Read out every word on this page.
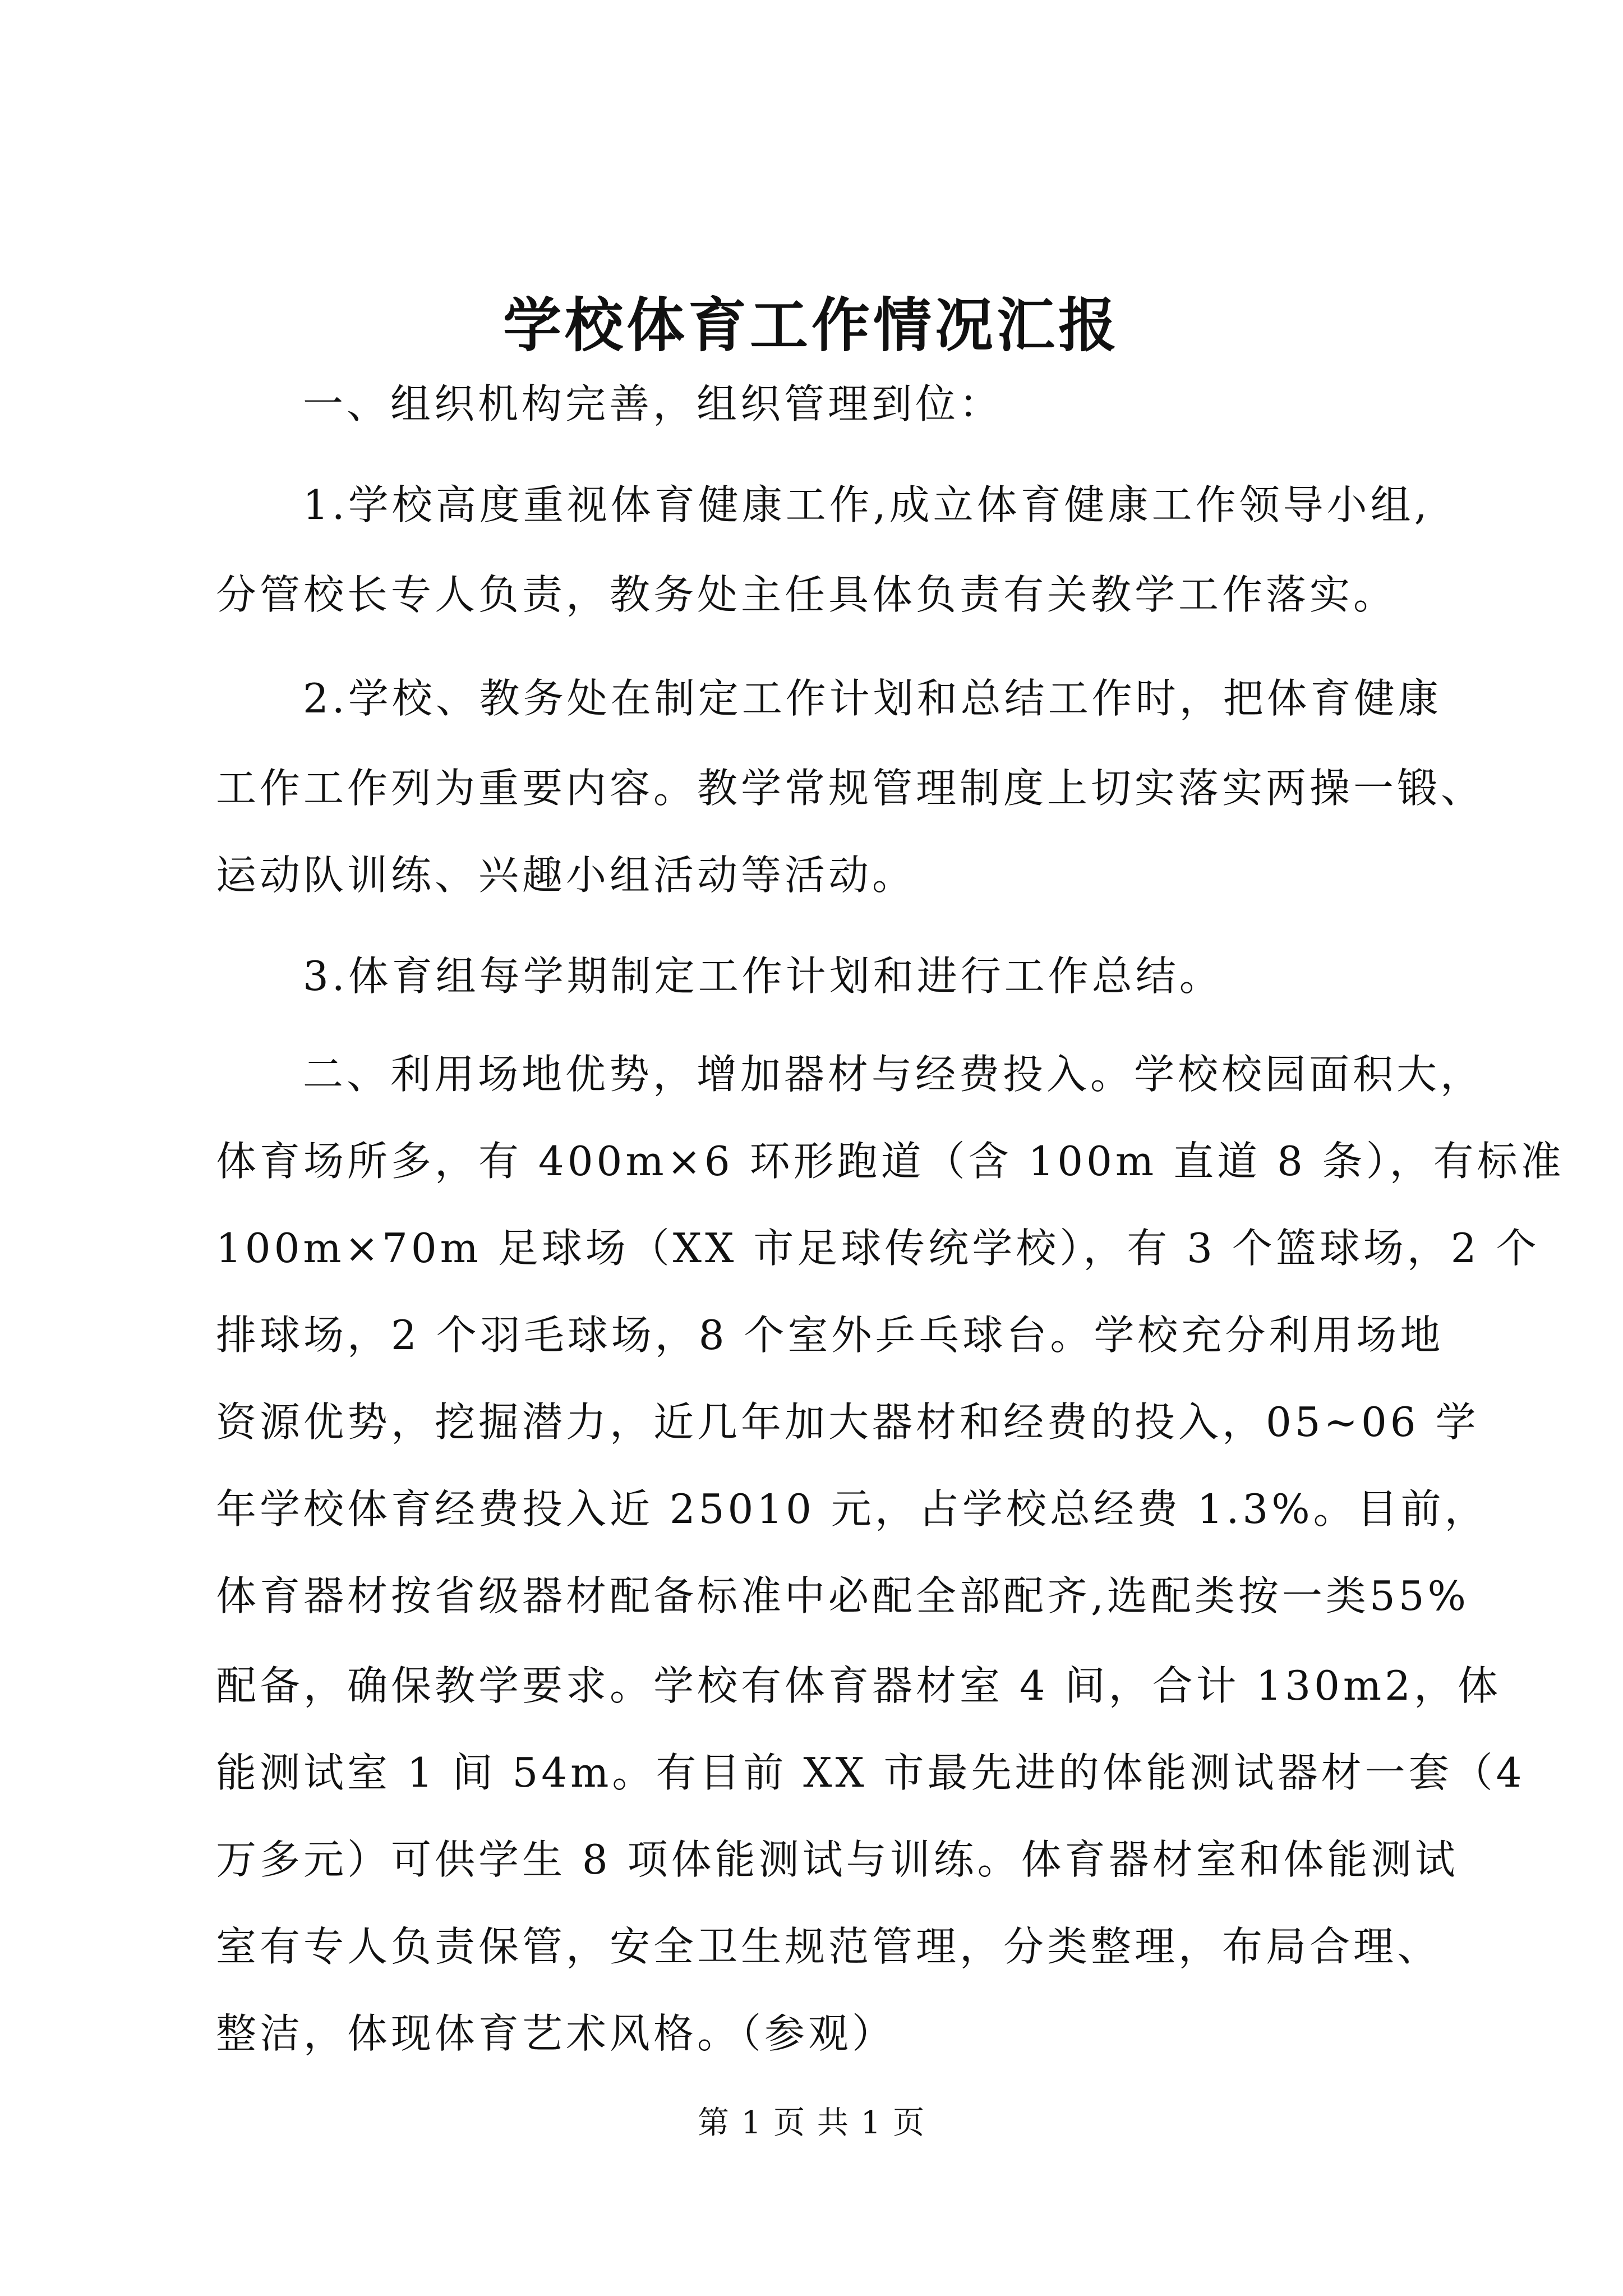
学校体育工作情况汇报
一、组织机构完善，组织管理到位：
1.学校高度重视体育健康工作,成立体育健康工作领导小组,
分管校长专人负责，教务处主任具体负责有关教学工作落实。
2.学校、教务处在制定工作计划和总结工作时，把体育健康
工作工作列为重要内容。教学常规管理制度上切实落实两操一锻、
运动队训练、兴趣小组活动等活动。
3.体育组每学期制定工作计划和进行工作总结。
二、利用场地优势，增加器材与经费投入。学校校园面积大，
体育场所多，有 400m×6 环形跑道（含 100m 直道 8 条），有标准
100m×70m 足球场（XX 市足球传统学校），有 3 个篮球场，2 个
排球场，2 个羽毛球场，8 个室外乒乓球台。学校充分利用场地
资源优势，挖掘潜力，近几年加大器材和经费的投入，05~06 学
年学校体育经费投入近 25010 元，占学校总经费 1.3%。目前，
体育器材按省级器材配备标准中必配全部配齐,选配类按一类55%
配备，确保教学要求。学校有体育器材室 4 间，合计 130m2，体
能测试室 1 间 54m。有目前 XX 市最先进的体能测试器材一套（4
万多元）可供学生 8 项体能测试与训练。体育器材室和体能测试
室有专人负责保管，安全卫生规范管理，分类整理，布局合理、
整洁，体现体育艺术风格。（参观）
第 1 页 共 1 页
